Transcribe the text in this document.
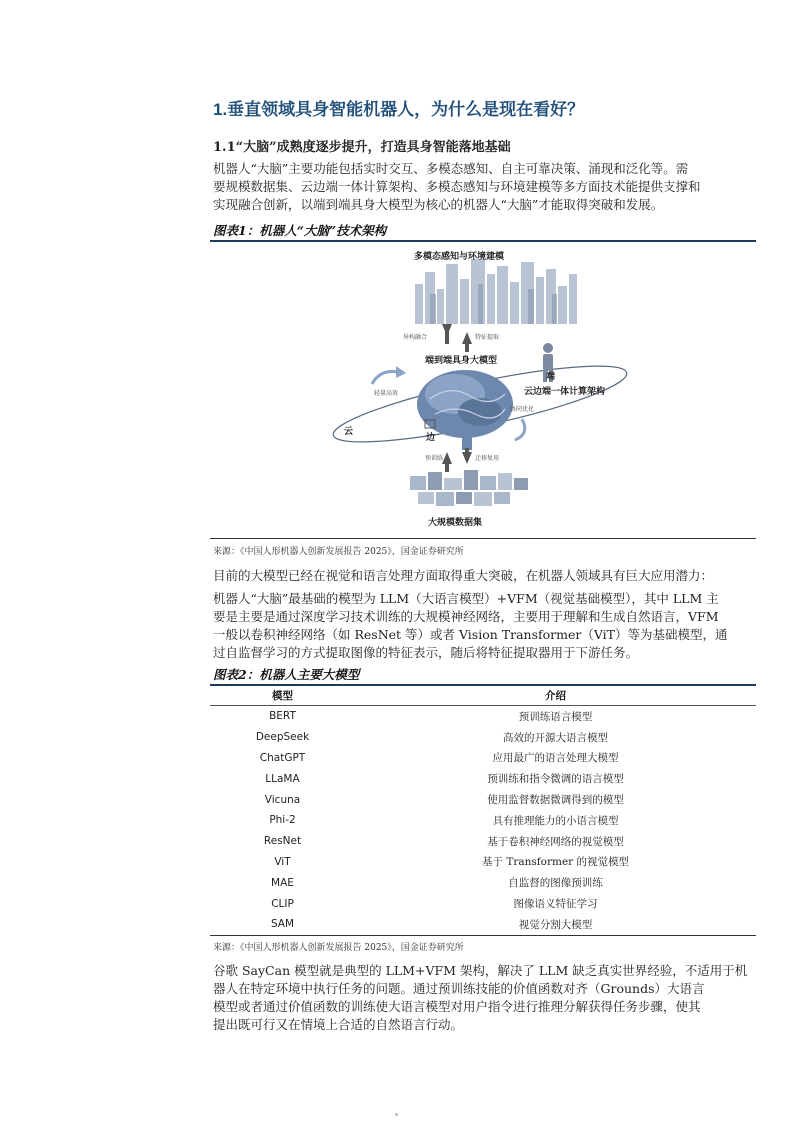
1.垂直领域具身智能机器人，为什么是现在看好？
1.1“大脑”成熟度逐步提升，打造具身智能落地基础
机器人“大脑”主要功能包括实时交互、多模态感知、自主可靠决策、涌现和泛化等。需
要规模数据集、云边端一体计算架构、多模态感知与环境建模等多方面技术能提供支撑和
实现融合创新，以端到端具身大模型为核心的机器人“大脑”才能取得突破和发展。
图表1：机器人“大脑”技术架构
多模态感知与环境建模
异构融合	特征提取
端到端具身大模型
端
云边端一体计算架构
轻量高效
协同优化
云
边
预训练	迁移复用
大规模数据集
来源：《中国人形机器人创新发展报告 2025》，国金证券研究所
目前的大模型已经在视觉和语言处理方面取得重大突破，在机器人领域具有巨大应用潜力：
机器人“大脑”最基础的模型为 LLM（大语言模型）+VFM（视觉基础模型），其中 LLM 主
要是主要是通过深度学习技术训练的大规模神经网络，主要用于理解和生成自然语言，VFM
一般以卷积神经网络（如 ResNet 等）或者 Vision Transformer（ViT）等为基础模型，通
过自监督学习的方式提取图像的特征表示，随后将特征提取器用于下游任务。
图表2：机器人主要大模型
模型	介绍
BERT	预训练语言模型
DeepSeek	高效的开源大语言模型
ChatGPT	应用最广的语言处理大模型
LLaMA	预训练和指令微调的语言模型
Vicuna	使用监督数据微调得到的模型
Phi-2	具有推理能力的小语言模型
ResNet	基于卷积神经网络的视觉模型
ViT	基于 Transformer 的视觉模型
MAE	自监督的图像预训练
CLIP	图像语义特征学习
SAM	视觉分割大模型
来源：《中国人形机器人创新发展报告 2025》，国金证券研究所
谷歌 SayCan 模型就是典型的 LLM+VFM 架构，解决了 LLM 缺乏真实世界经验，不适用于机
器人在特定环境中执行任务的问题。通过预训练技能的价值函数对齐（Grounds）大语言
模型或者通过价值函数的训练使大语言模型对用户指令进行推理分解获得任务步骤，使其
提出既可行又在情境上合适的自然语言行动。
